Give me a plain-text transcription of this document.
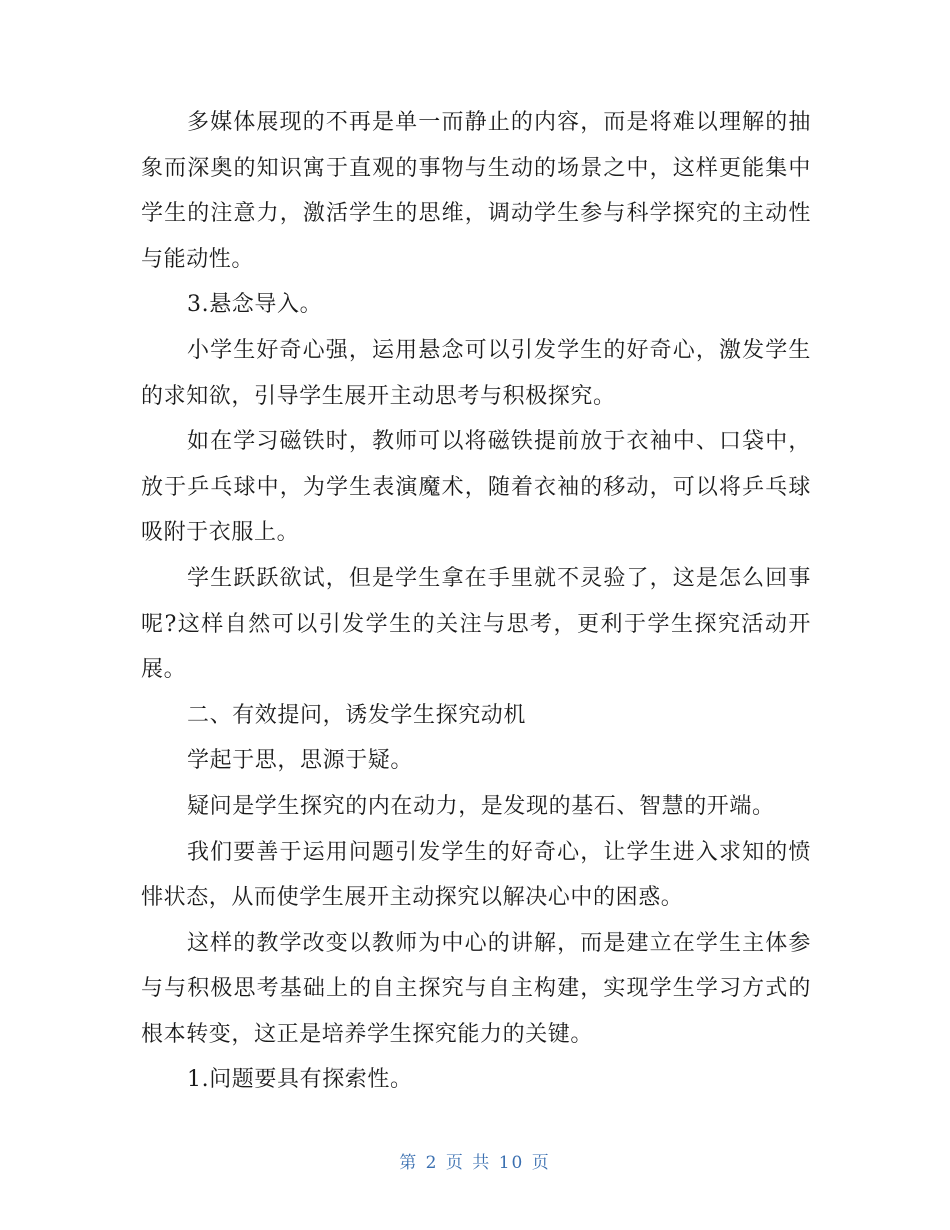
多媒体展现的不再是单一而静止的内容，而是将难以理解的抽象而深奥的知识寓于直观的事物与生动的场景之中，这样更能集中学生的注意力，激活学生的思维，调动学生参与科学探究的主动性与能动性。

3.悬念导入。

小学生好奇心强，运用悬念可以引发学生的好奇心，激发学生的求知欲，引导学生展开主动思考与积极探究。

如在学习磁铁时，教师可以将磁铁提前放于衣袖中、口袋中，放于乒乓球中，为学生表演魔术，随着衣袖的移动，可以将乒乓球吸附于衣服上。

学生跃跃欲试，但是学生拿在手里就不灵验了，这是怎么回事呢?这样自然可以引发学生的关注与思考，更利于学生探究活动开展。

二、有效提问，诱发学生探究动机

学起于思，思源于疑。

疑问是学生探究的内在动力，是发现的基石、智慧的开端。

我们要善于运用问题引发学生的好奇心，让学生进入求知的愤悱状态，从而使学生展开主动探究以解决心中的困惑。

这样的教学改变以教师为中心的讲解，而是建立在学生主体参与与积极思考基础上的自主探究与自主构建，实现学生学习方式的根本转变，这正是培养学生探究能力的关键。

1.问题要具有探索性。

第 2 页 共 10 页
